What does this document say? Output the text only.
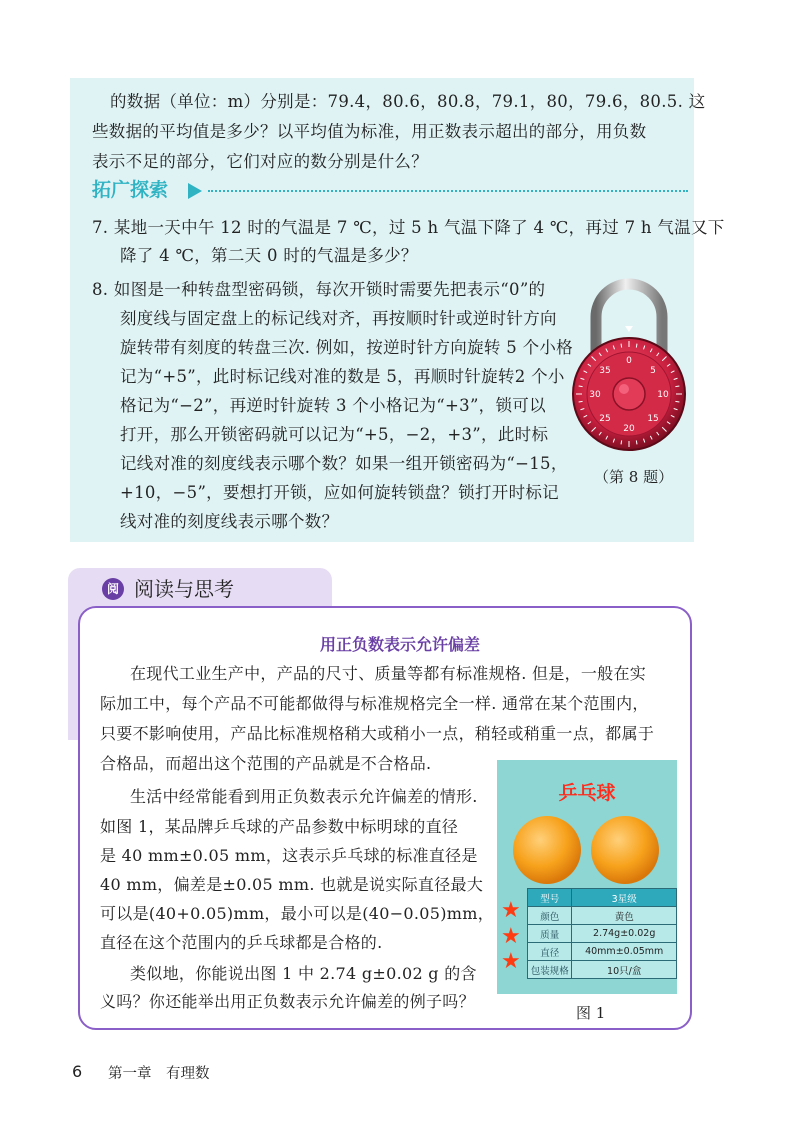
的数据（单位：m）分别是：79.4，80.6，80.8，79.1，80，79.6，80.5. 这
些数据的平均值是多少？以平均值为标准，用正数表示超出的部分，用负数
表示不足的部分，它们对应的数分别是什么？
拓广探索
7. 某地一天中午 12 时的气温是 7 ℃，过 5 h 气温下降了 4 ℃，再过 7 h 气温又下
降了 4 ℃，第二天 0 时的气温是多少？
8. 如图是一种转盘型密码锁，每次开锁时需要先把表示“0”的
刻度线与固定盘上的标记线对齐，再按顺时针或逆时针方向
旋转带有刻度的转盘三次. 例如，按逆时针方向旋转 5 个小格
记为“+5”，此时标记线对准的数是 5，再顺时针旋转2 个小
格记为“−2”，再逆时针旋转 3 个小格记为“+3”，锁可以
打开，那么开锁密码就可以记为“+5，−2，+3”，此时标
记线对准的刻度线表示哪个数？如果一组开锁密码为“−15，
+10，−5”，要想打开锁，应如何旋转锁盘？锁打开时标记
线对准的刻度线表示哪个数？
0
5
10
15
20
25
30
35
（第 8 题）
阅 阅读与思考
用正负数表示允许偏差
在现代工业生产中，产品的尺寸、质量等都有标准规格. 但是，一般在实
际加工中，每个产品不可能都做得与标准规格完全一样. 通常在某个范围内，
只要不影响使用，产品比标准规格稍大或稍小一点，稍轻或稍重一点，都属于
合格品，而超出这个范围的产品就是不合格品.
生活中经常能看到用正负数表示允许偏差的情形.
如图 1，某品牌乒乓球的产品参数中标明球的直径
是 40 mm±0.05 mm，这表示乒乓球的标准直径是
40 mm，偏差是±0.05 mm. 也就是说实际直径最大
可以是(40+0.05)mm，最小可以是(40−0.05)mm，
直径在这个范围内的乒乓球都是合格的.
类似地，你能说出图 1 中 2.74 g±0.02 g 的含
义吗？你还能举出用正负数表示允许偏差的例子吗？
乒乓球
型号	3星级
颜色	黄色
质量	2.74g±0.02g
直径	40mm±0.05mm
包装规格	10只/盒
★
★
★
图 1
6 第一章　有理数
